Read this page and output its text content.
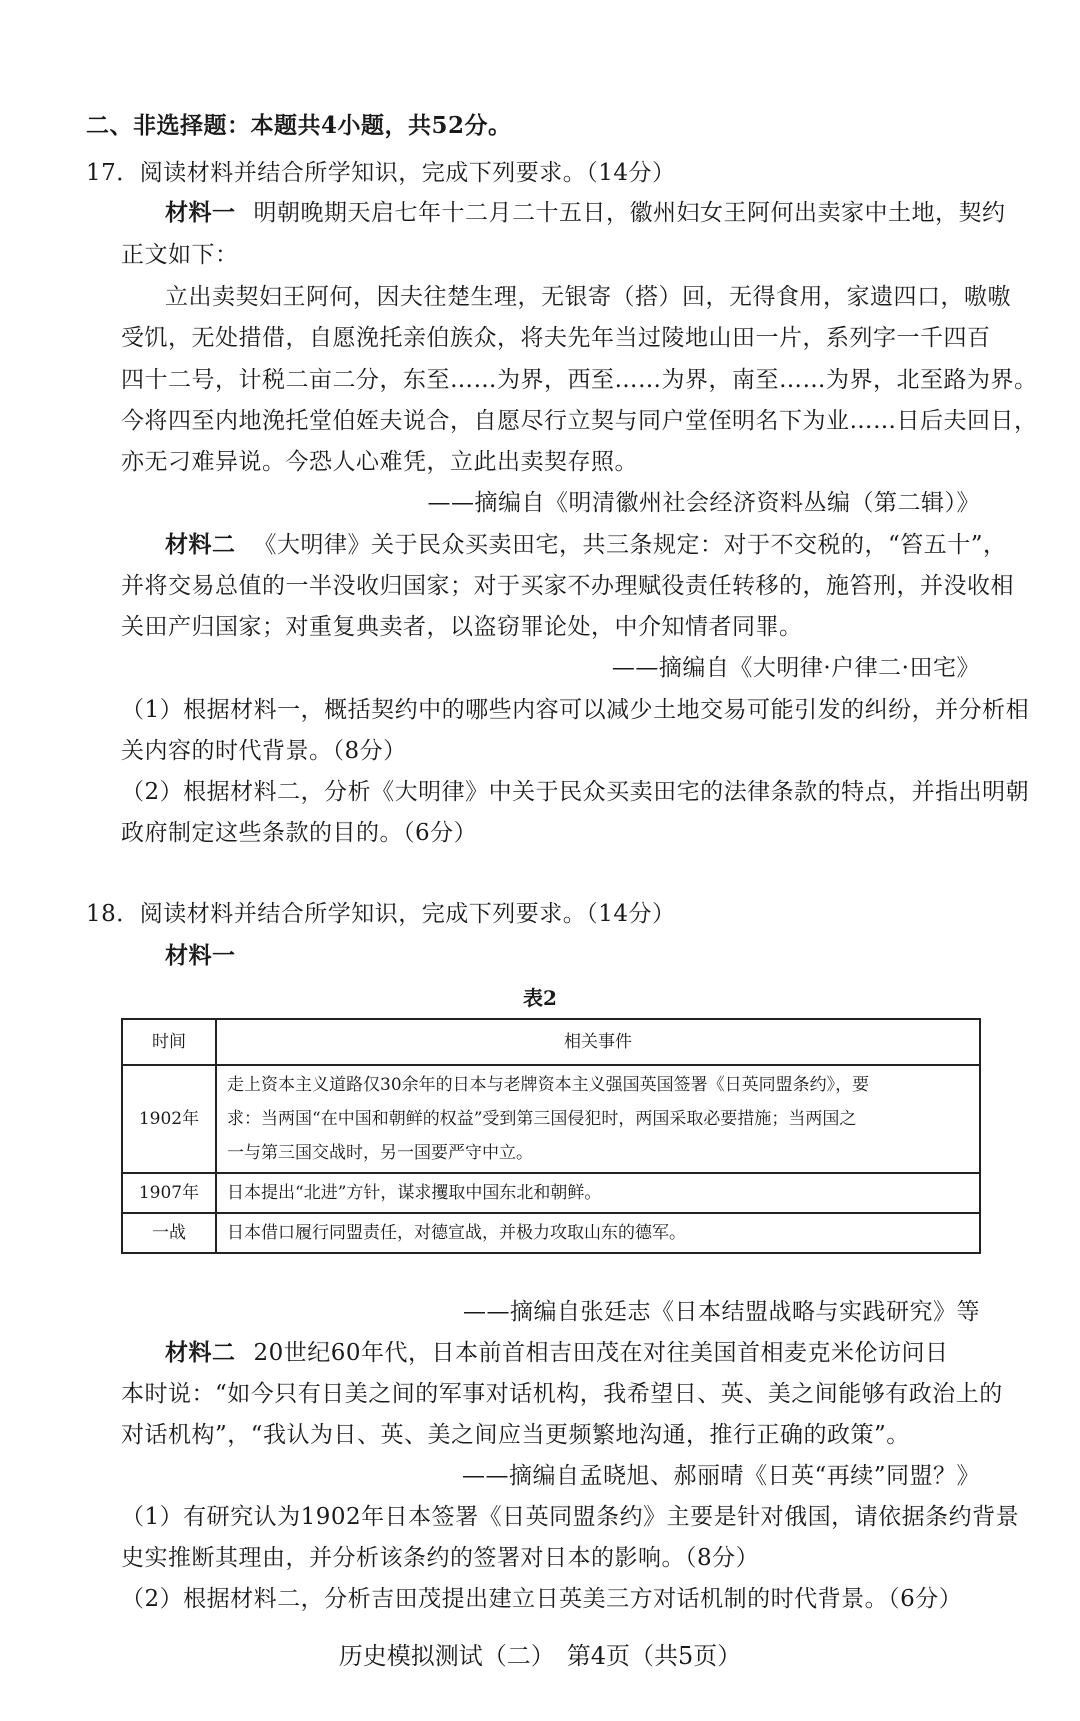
二、非选择题：本题共4小题，共52分。
17．阅读材料并结合所学知识，完成下列要求。（14分）
材料一 明朝晚期天启七年十二月二十五日，徽州妇女王阿何出卖家中土地，契约
正文如下：
立出卖契妇王阿何，因夫往楚生理，无银寄（搭）回，无得食用，家遗四口，嗷嗷
受饥，无处措借，自愿浼托亲伯族众，将夫先年当过陵地山田一片，系列字一千四百
四十二号，计税二亩二分，东至……为界，西至……为界，南至……为界，北至路为界。
今将四至内地浼托堂伯姪夫说合，自愿尽行立契与同户堂侄明名下为业……日后夫回日，
亦无刁难异说。今恐人心难凭，立此出卖契存照。
——摘编自《明清徽州社会经济资料丛编（第二辑）》
材料二 《大明律》关于民众买卖田宅，共三条规定：对于不交税的，“笞五十”，
并将交易总值的一半没收归国家；对于买家不办理赋役责任转移的，施笞刑，并没收相
关田产归国家；对重复典卖者，以盗窃罪论处，中介知情者同罪。
——摘编自《大明律·户律二·田宅》
（1）根据材料一，概括契约中的哪些内容可以减少土地交易可能引发的纠纷，并分析相
关内容的时代背景。（8分）
（2）根据材料二，分析《大明律》中关于民众买卖田宅的法律条款的特点，并指出明朝
政府制定这些条款的目的。（6分）
18．阅读材料并结合所学知识，完成下列要求。（14分）
材料一
表2
时间	相关事件
1902年	走上资本主义道路仅30余年的日本与老牌资本主义强国英国签署《日英同盟条约》，要
求：当两国“在中国和朝鲜的权益”受到第三国侵犯时，两国采取必要措施；当两国之
一与第三国交战时，另一国要严守中立。

1907年	日本提出“北进”方针，谋求攫取中国东北和朝鲜。

一战	日本借口履行同盟责任，对德宣战，并极力攻取山东的德军。
——摘编自张廷志《日本结盟战略与实践研究》等
材料二 20世纪60年代，日本前首相吉田茂在对往美国首相麦克米伦访问日
本时说：“如今只有日美之间的军事对话机构，我希望日、英、美之间能够有政治上的
对话机构”，“我认为日、英、美之间应当更频繁地沟通，推行正确的政策”。
——摘编自孟晓旭、郝丽晴《日英“再续”同盟？》
（1）有研究认为1902年日本签署《日英同盟条约》主要是针对俄国，请依据条约背景
史实推断其理由，并分析该条约的签署对日本的影响。（8分）
（2）根据材料二，分析吉田茂提出建立日英美三方对话机制的时代背景。（6分）
历史模拟测试（二）　第4页（共5页）
